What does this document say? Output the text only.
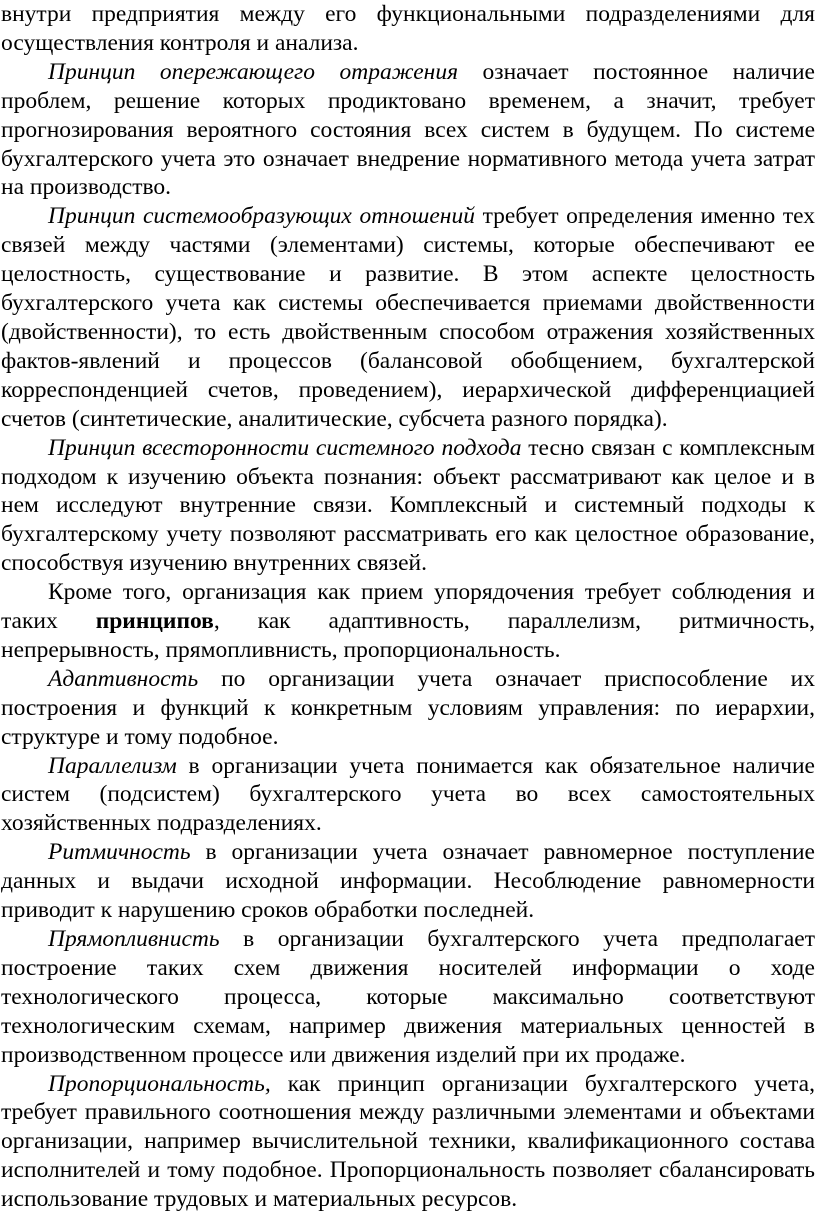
внутри предприятия между его функциональными подразделениями для осуществления контроля и анализа.

Принцип опережающего отражения означает постоянное наличие проблем, решение которых продиктовано временем, а значит, требует прогнозирования вероятного состояния всех систем в будущем. По системе бухгалтерского учета это означает внедрение нормативного метода учета затрат на производство.

Принцип системообразующих отношений требует определения именно тех связей между частями (элементами) системы, которые обеспечивают ее целостность, существование и развитие. В этом аспекте целостность бухгалтерского учета как системы обеспечивается приемами двойственности (двойственности), то есть двойственным способом отражения хозяйственных фактов-явлений и процессов (балансовой обобщением, бухгалтерской корреспонденцией счетов, проведением), иерархической дифференциацией счетов (синтетические, аналитические, субсчета разного порядка).

Принцип всесторонности системного подхода тесно связан с комплексным подходом к изучению объекта познания: объект рассматривают как целое и в нем исследуют внутренние связи. Комплексный и системный подходы к бухгалтерскому учету позволяют рассматривать его как целостное образование, способствуя изучению внутренних связей.

Кроме того, организация как прием упорядочения требует соблюдения и таких принципов, как адаптивность, параллелизм, ритмичность, непрерывность, прямопливнисть, пропорциональность.

Адаптивность по организации учета означает приспособление их построения и функций к конкретным условиям управления: по иерархии, структуре и тому подобное.

Параллелизм в организации учета понимается как обязательное наличие систем (подсистем) бухгалтерского учета во всех самостоятельных хозяйственных подразделениях.

Ритмичность в организации учета означает равномерное поступление данных и выдачи исходной информации. Несоблюдение равномерности приводит к нарушению сроков обработки последней.

Прямопливнисть в организации бухгалтерского учета предполагает построение таких схем движения носителей информации о ходе технологического процесса, которые максимально соответствуют технологическим схемам, например движения материальных ценностей в производственном процессе или движения изделий при их продаже.

Пропорциональность, как принцип организации бухгалтерского учета, требует правильного соотношения между различными элементами и объектами организации, например вычислительной техники, квалификационного состава исполнителей и тому подобное. Пропорциональность позволяет сбалансировать использование трудовых и материальных ресурсов.
